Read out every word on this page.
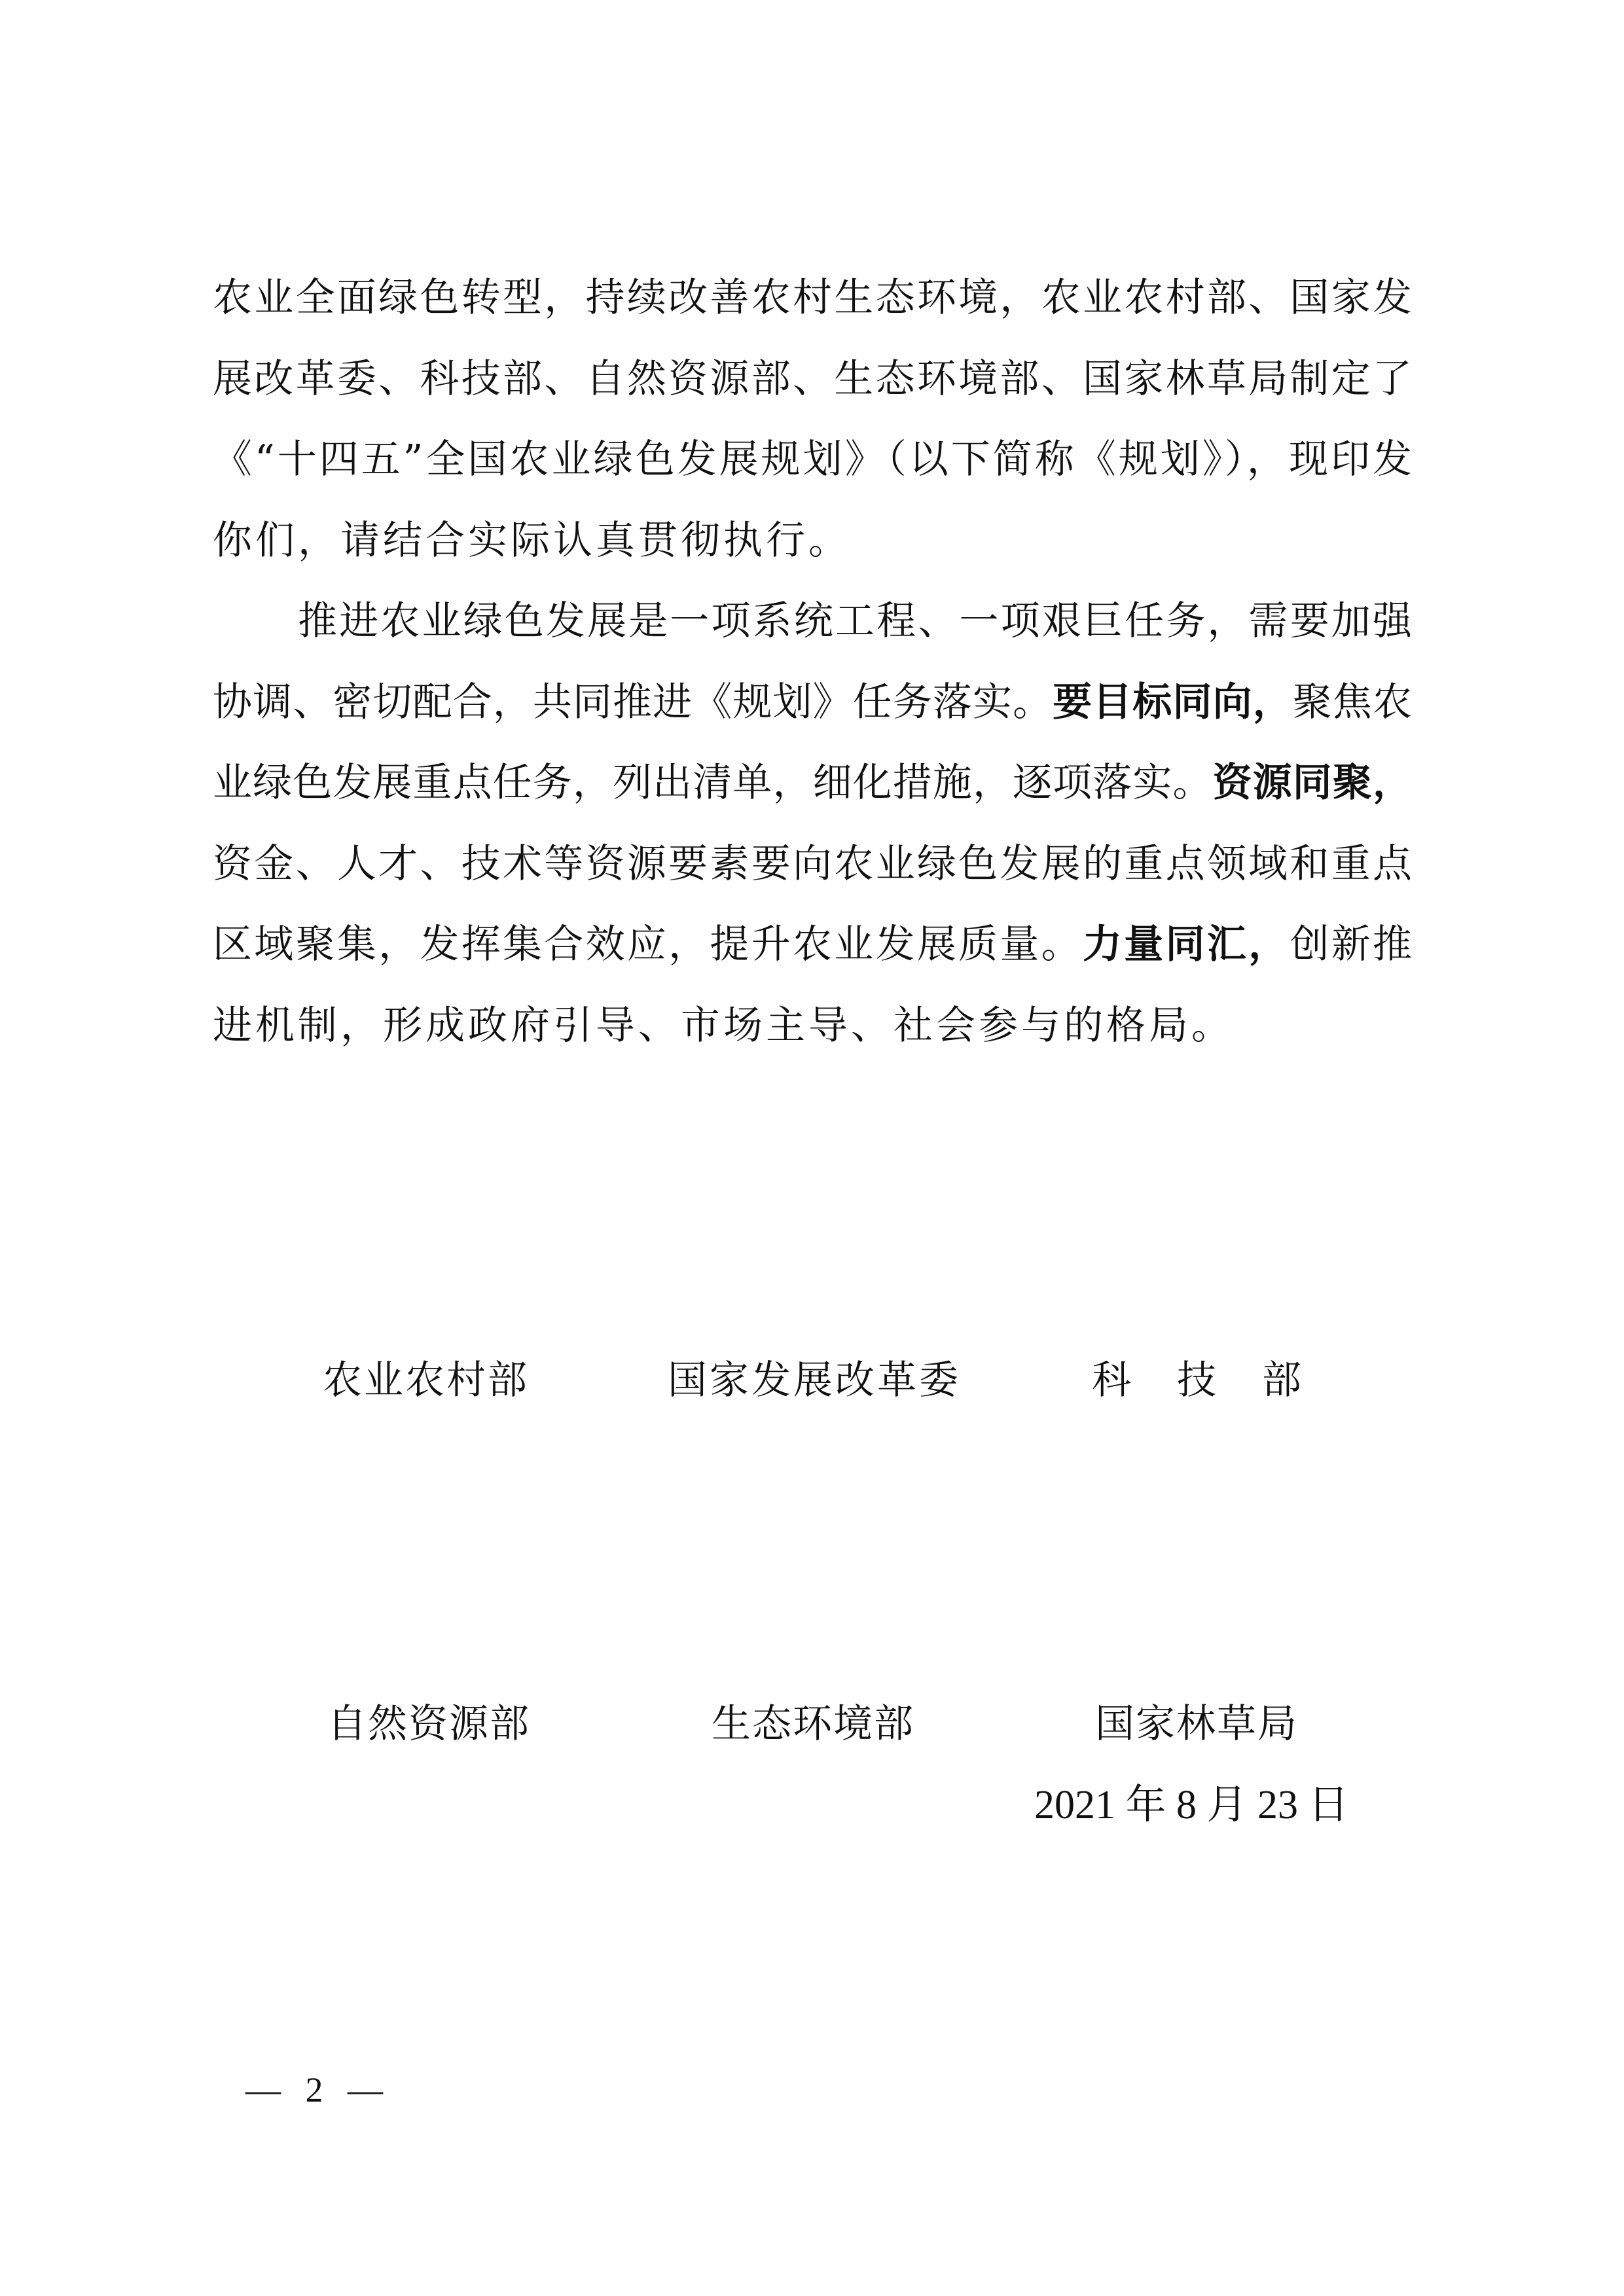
农业全面绿色转型，持续改善农村生态环境，农业农村部、国家发
展改革委、科技部、自然资源部、生态环境部、国家林草局制定了
《“十四五”全国农业绿色发展规划》（以下简称《规划》），现印发
你们，请结合实际认真贯彻执行。
推进农业绿色发展是一项系统工程、一项艰巨任务，需要加强
协调、密切配合，共同推进《规划》任务落实。要目标同向，聚焦农
业绿色发展重点任务，列出清单，细化措施，逐项落实。资源同聚，
资金、人才、技术等资源要素要向农业绿色发展的重点领域和重点
区域聚集，发挥集合效应，提升农业发展质量。力量同汇，创新推
进机制，形成政府引导、市场主导、社会参与的格局。
农业农村部	国家发展改革委	科　技　部
自然资源部	生态环境部	国家林草局
2021 年 8 月 23 日
— 2 —
